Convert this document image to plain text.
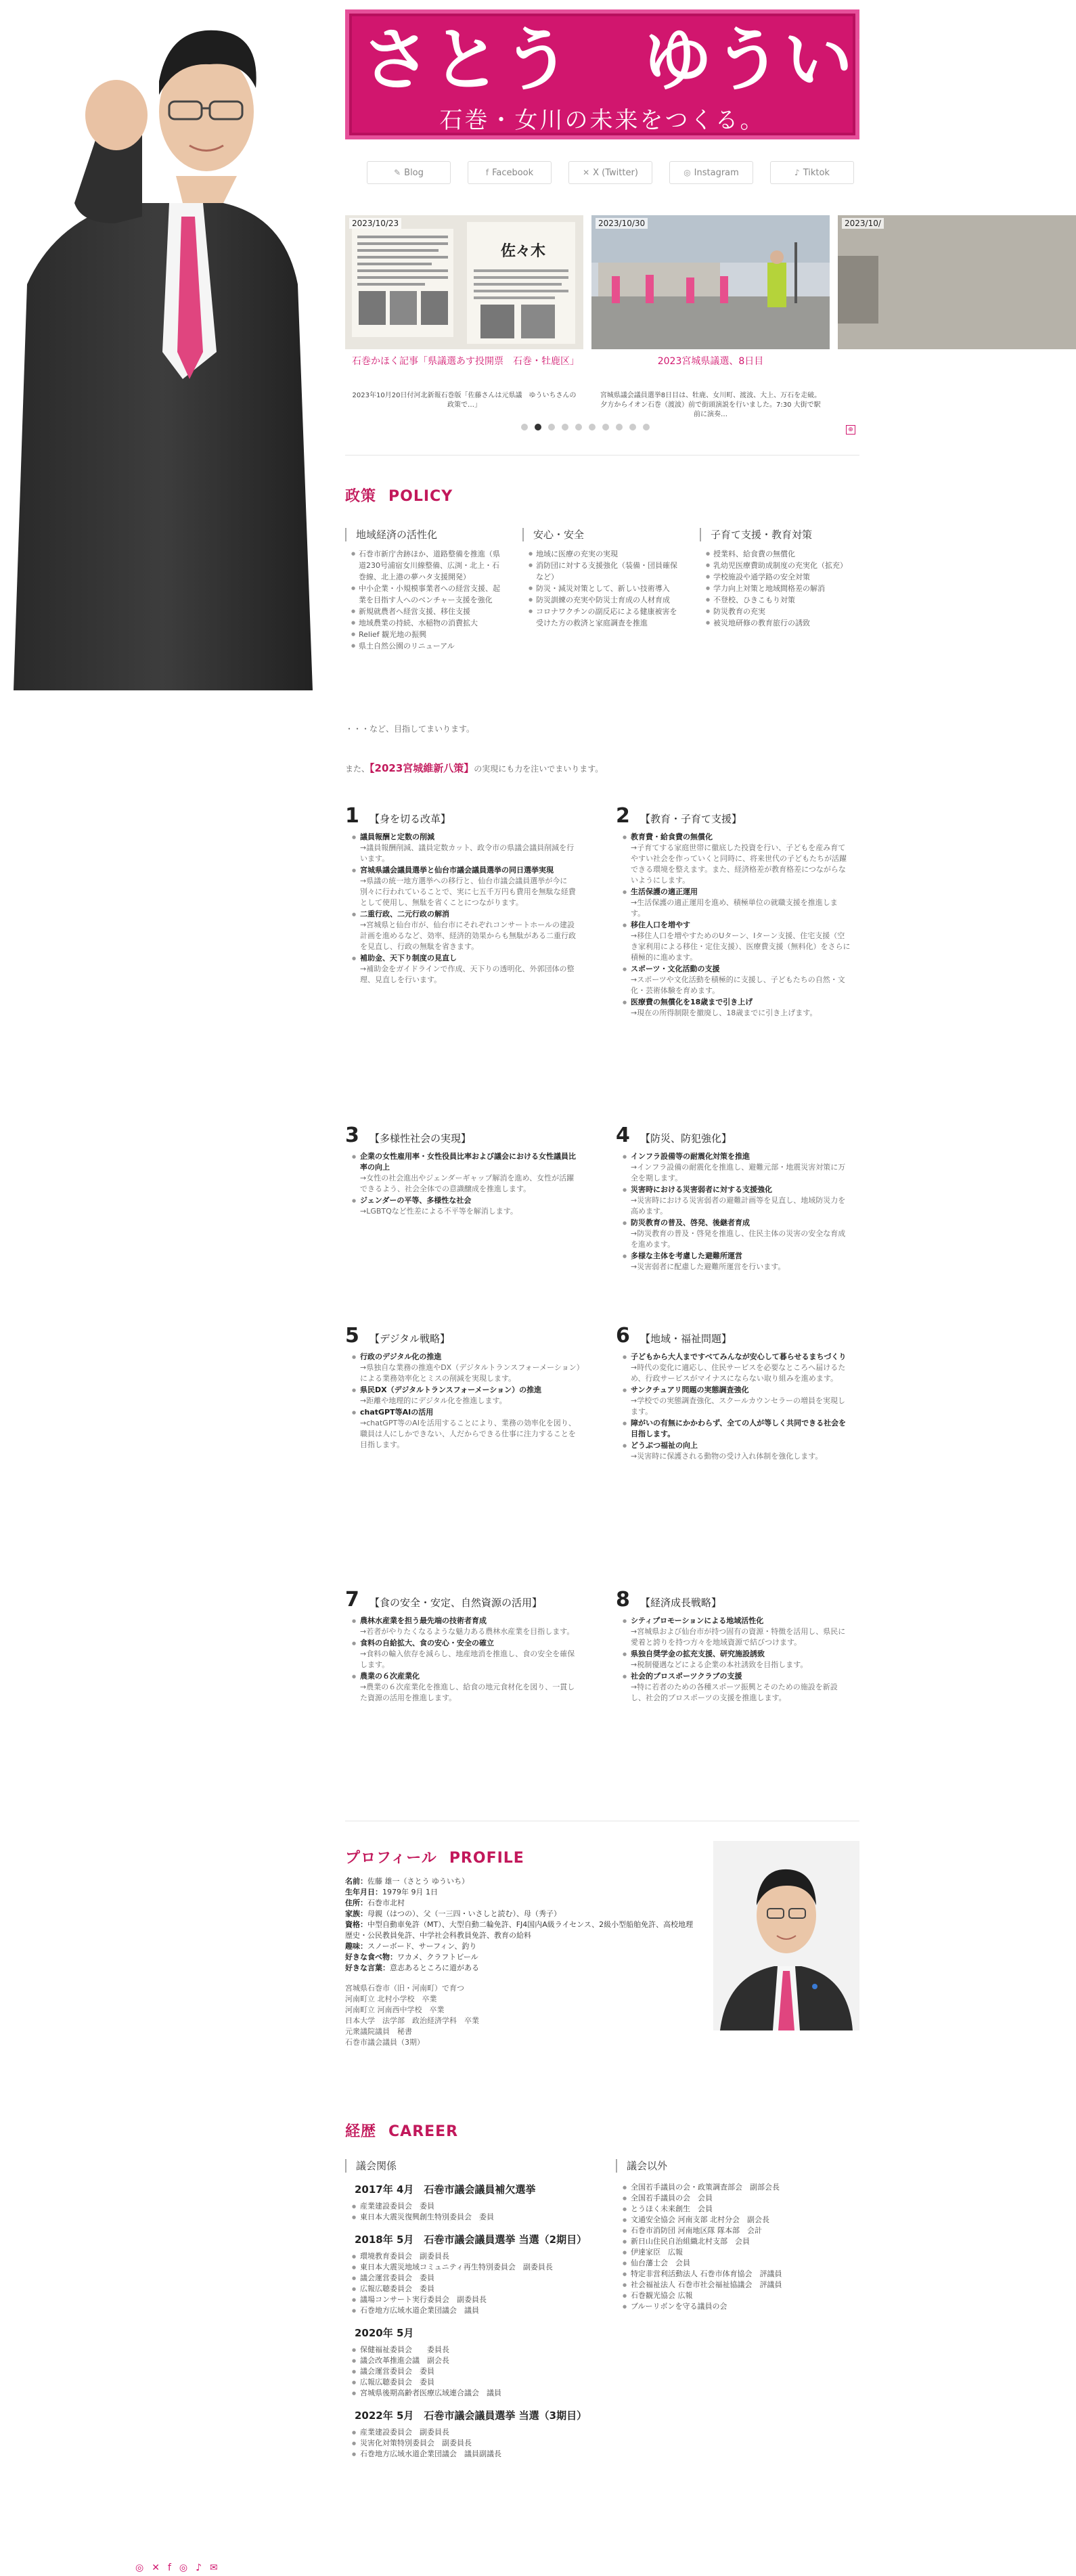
さとう　ゆういち
石巻・女川の未来をつくる。
✎ Blog	f Facebook	✕ X (Twitter)	◎ Instagram	♪ Tiktok
佐々木
2023/10/23
石巻かほく記事「県議選あす投開票　石巻・牡鹿区」
2023年10月20日付河北新報石巻版「佐藤さんは元県議　ゆういちさんの政策で…」
2023/10/30
2023宮城県議選、8日目
宮城県議会議員選挙8日目は、牡鹿、女川町、渡波、大上、万石を走破。夕方からイオン石巻（渡波）前で街頭演説を行いました。7:30 大街で駅前に演奏…
2023/10/
⊕
政策 POLICY
地域経済の活性化
● 石巻市新庁舎跡ほか、道路整備を推進（県道230号浦宿女川線整備、広渕・北上・石巻線、北上港の夢ハタ支援開発）
● 中小企業・小規模事業者への経営支援、起業を目指す人へのベンチャー支援を強化
● 新規就農者へ経営支援、移住支援
● 地域農業の持続、水稲物の消費拡大
● Relief 観光地の振興
● 県土自然公園のリニューアル
安心・安全
● 地域に医療の充実の実現
● 消防団に対する支援強化（装備・団員確保など）
● 防災・減災対策として、新しい技術導入
● 防災訓練の充実や防災士育成の人材育成
● コロナワクチンの副反応による健康被害を受けた方の救済と家庭調査を推進
子育て支援・教育対策
● 授業料、給食費の無償化
● 乳幼児医療費助成制度の充実化（拡充）
● 学校施設や通学路の安全対策
● 学力向上対策と地域間格差の解消
● 不登校、ひきこもり対策
● 防災教育の充実
● 被災地研修の教育旅行の誘致
・・・など、目指してまいります。
また、【2023宮城維新八策】の実現にも力を注いでまいります。
1	【身を切る改革】
● 議員報酬と定数の削減
→議員報酬削減、議員定数カット、政令市の県議会議員削減を行います。
● 宮城県議会議員選挙と仙台市議会議員選挙の同日選挙実現
→県議の統一地方選挙への移行と、仙台市議会議員選挙が今に別々に行われていることで、実に七五千万円も費用を無駄な経費として使用し、無駄を省くことにつながります。
● 二重行政、二元行政の解消
→宮城県と仙台市が、仙台市にそれぞれコンサートホールの建設計画を進めるなど、効率、経済的効果からも無駄がある二重行政を見直し、行政の無駄を省きます。
● 補助金、天下り制度の見直し
→補助金をガイドラインで作成、天下りの透明化、外郭団体の整理、見直しを行います。
2	【教育・子育て支援】
● 教育費・給食費の無償化
→子育てする家庭世帯に徹底した投資を行い、子どもを産み育てやすい社会を作っていくと同時に、将来世代の子どもたちが活躍できる環境を整えます。また、経済格差が教育格差につながらないようにします。
● 生活保護の適正運用
→生活保護の適正運用を進め、積極単位の就職支援を推進します。
● 移住人口を増やす
→移住人口を増やすためのUターン、Iターン支援、住宅支援（空き家利用による移住・定住支援）、医療費支援（無料化）をさらに積極的に進めます。
● スポーツ・文化活動の支援
→スポーツや文化活動を積極的に支援し、子どもたちの自然・文化・芸術体験を育めます。
● 医療費の無償化を18歳まで引き上げ
→現在の所得制限を撤廃し、18歳までに引き上げます。
3	【多様性社会の実現】
● 企業の女性雇用率・女性役員比率および議会における女性議員比率の向上
→女性の社会進出やジェンダーギャップ解消を進め、女性が活躍できるよう、社会全体での意識醸成を推進します。
● ジェンダーの平等、多様性な社会
→LGBTQなど性差による不平等を解消します。
4	【防災、防犯強化】
● インフラ設備等の耐震化対策を推進
→インフラ設備の耐震化を推進し、避難元部・地震災害対策に万全を期します。
● 災害時における災害弱者に対する支援強化
→災害時における災害弱者の避難計画等を見直し、地域防災力を高めます。
● 防災教育の普及、啓発、後継者育成
→防災教育の普及・啓発を推進し、住民主体の災害の安全な育成を進めます。
● 多様な主体を考慮した避難所運営
→災害弱者に配慮した避難所運営を行います。
5	【デジタル戦略】
● 行政のデジタル化の推進
→県独自な業務の推進やDX（デジタルトランスフォーメーション）による業務効率化とミスの削減を実現します。
● 県民DX（デジタルトランスフォーメーション）の推進
→距離や地理的にデジタル化を推進します。
● chatGPT等AIの活用
→chatGPT等のAIを活用することにより、業務の効率化を図り、職員は人にしかできない、人だからできる仕事に注力することを目指します。
6	【地域・福祉問題】
● 子どもから大人まですべてみんなが安心して暮らせるまちづくり
→時代の変化に適応し、住民サービスを必要なところへ届けるため、行政サービスがマイナスにならない取り組みを進めます。
● サンクチュアリ問題の実態調査強化
→学校での実態調査強化、スクールカウンセラーの増員を実現します。
● 障がいの有無にかかわらず、全ての人が等しく共同できる社会を目指します。
● どうぶつ福祉の向上
→災害時に保護される動物の受け入れ体制を強化します。
7	【食の安全・安定、自然資源の活用】
● 農林水産業を担う最先端の技術者育成
→若者がやりたくなるような魅力ある農林水産業を目指します。
● 食料の自給拡大、食の安心・安全の確立
→食料の輸入依存を減らし、地産地消を推進し、食の安全を確保します。
● 農業の６次産業化
→農業の６次産業化を推進し、給食の地元食材化を図り、一貫した資源の活用を推進します。
8	【経済成長戦略】
● シティプロモーションによる地域活性化
→宮城県および仙台市が持つ固有の資源・特徴を活用し、県民に愛着と誇りを持つ方々を地域資源で結びつけます。
● 県独自奨学金の拡充支援、研究施設誘致
→税制優遇などによる企業の本社誘致を目指します。
● 社会的プロスポーツクラブの支援
→特に若者のための各種スポーツ振興とそのための施設を新設し、社会的プロスポーツの支援を推進します。
プロフィール PROFILE
名前：佐藤 雄一（さとう ゆういち）
生年月日：1979年 9月 1日
住所：石巻市北村
家族：母親（はつの）、父（一三四・いさしと読む）、母（秀子）
資格：中型自動車免許（MT）、大型自動二輪免許、FJ4国内A級ライセンス、2級小型船舶免許、高校地理歴史・公民教員免許、中学社会科教員免許、教育の給料
趣味：スノーボード、サーフィン、釣り
好きな食べ物：ワカメ、クラフトビール
好きな言葉：意志あるところに道がある
宮城県石巻市（旧・河南町）で育つ
河南町立 北村小学校　卒業
河南町立 河南西中学校　卒業
日本大学　法学部　政治経済学科　卒業
元衆議院議員　秘書
石巻市議会議員（3期）
経歴 CAREER
議会関係
2017年 4月　石巻市議会議員補欠選挙
● 産業建設委員会　委員
● 東日本大震災復興創生特別委員会　委員
2018年 5月　石巻市議会議員選挙 当選（2期目）
● 環境教育委員会　副委員長
● 東日本大震災地域コミュニティ再生特別委員会　副委員長
● 議会運営委員会　委員
● 広報広聴委員会　委員
● 議場コンサート実行委員会　副委員長
● 石巻地方広域水道企業団議会　議員
2020年 5月
● 保健福祉委員会　　委員長
● 議会改革推進会議　副会長
● 議会運営委員会　委員
● 広報広聴委員会　委員
● 宮城県後期高齢者医療広域連合議会　議員
2022年 5月　石巻市議会議員選挙 当選（3期目）
● 産業建設委員会　副委員長
● 災害化対策特別委員会　副委員長
● 石巻地方広域水道企業団議会　議員副議長
議会以外
● 全国若手議員の会・政策調査部会　副部会長
● 全国若手議員の会　会員
● とうほく未来創生　会員
● 文通安全協会 河南支部 北村分会　副会長
● 石巻市消防団 河南地区隊 隊本部　会計
● 新日山住民自治組織北村支部　会員
● 伊達家臣　広報
● 仙台藩士会　会員
● 特定非営利活動法人 石巻市体育協会　評議員
● 社会福祉法人 石巻市社会福祉協議会　評議員
● 石巻観光協会 広報
● ブルーリボンを守る議員の会
◎ ✕ f ◎ ♪ ✉
